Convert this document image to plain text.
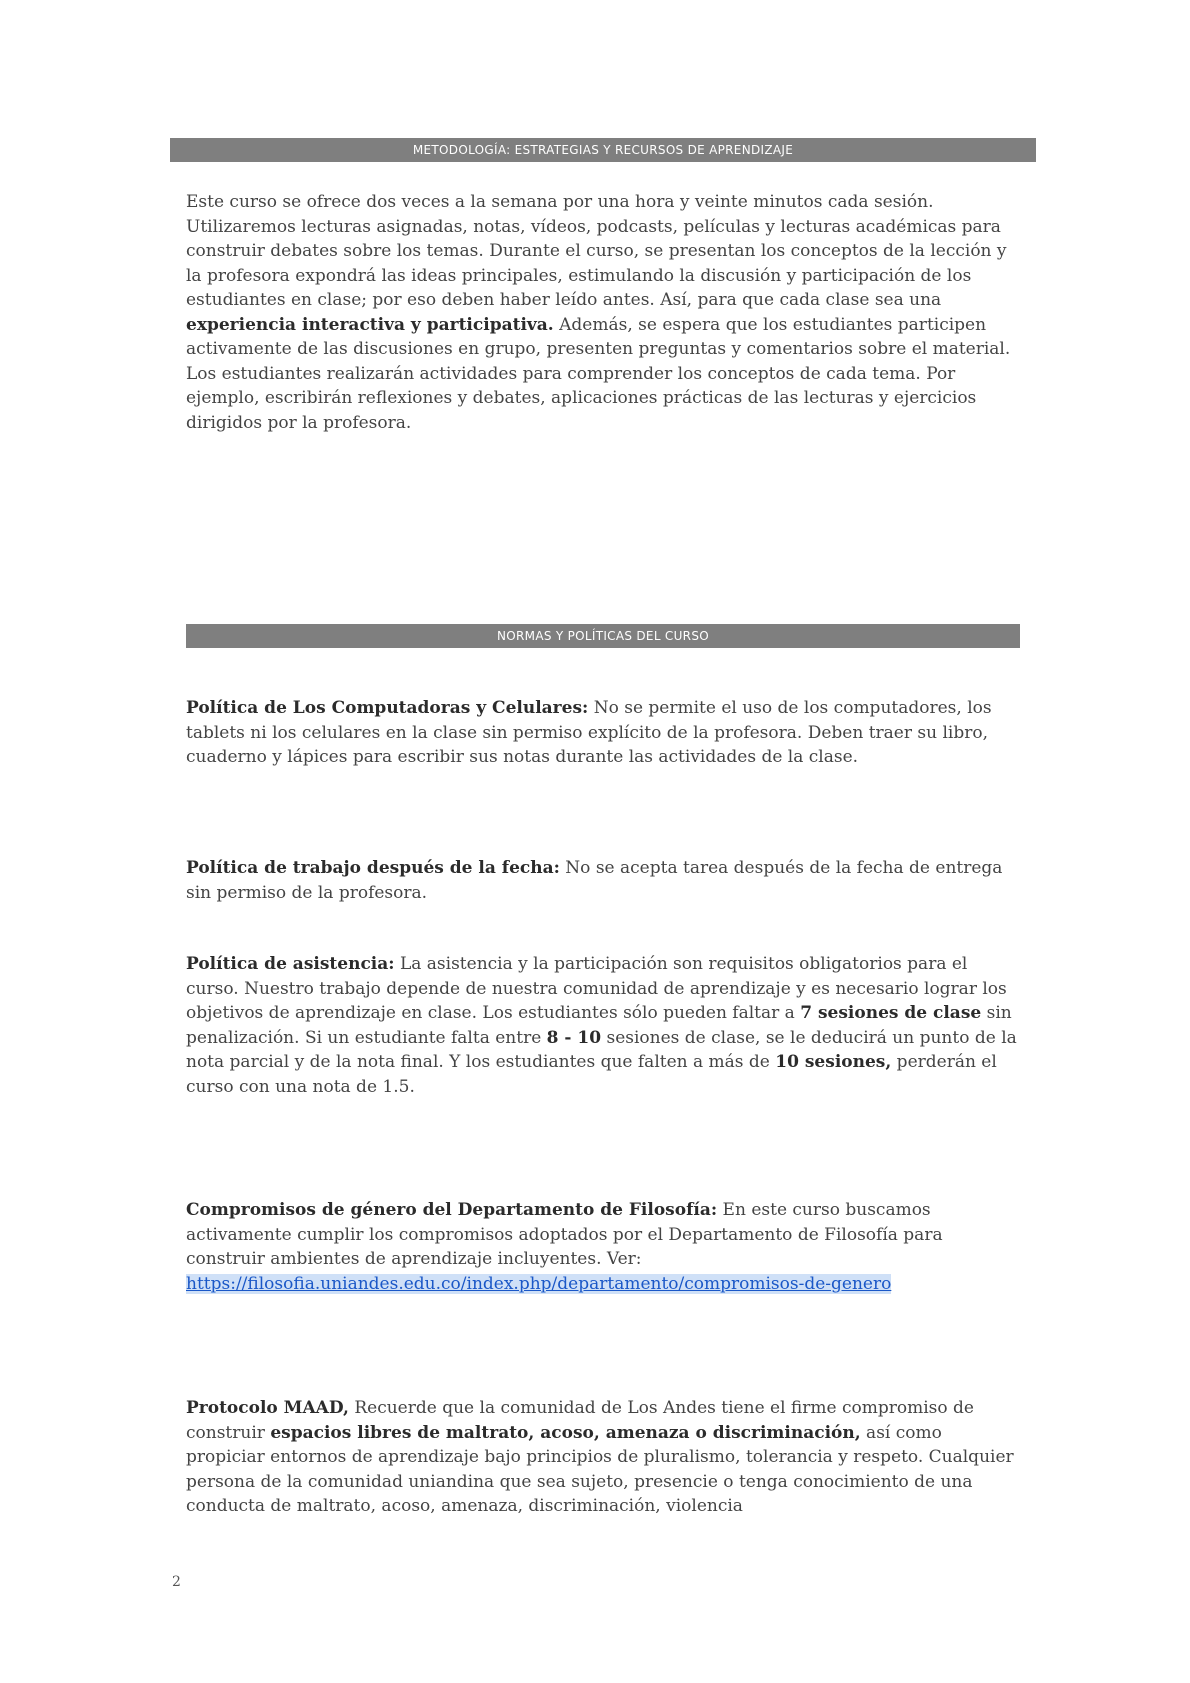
METODOLOGÍA: ESTRATEGIAS Y RECURSOS DE APRENDIZAJE

Este curso se ofrece dos veces a la semana por una hora y veinte minutos cada sesión. Utilizaremos lecturas asignadas, notas, vídeos, podcasts, películas y lecturas académicas para construir debates sobre los temas. Durante el curso, se presentan los conceptos de la lección y la profesora expondrá las ideas principales, estimulando la discusión y participación de los estudiantes en clase; por eso deben haber leído antes. Así, para que cada clase sea una experiencia interactiva y participativa. Además, se espera que los estudiantes participen activamente de las discusiones en grupo, presenten preguntas y comentarios sobre el material. Los estudiantes realizarán actividades para comprender los conceptos de cada tema. Por ejemplo, escribirán reflexiones y debates, aplicaciones prácticas de las lecturas y ejercicios dirigidos por la profesora.

NORMAS Y POLÍTICAS DEL CURSO

Política de Los Computadoras y Celulares: No se permite el uso de los computadores, los tablets ni los celulares en la clase sin permiso explícito de la profesora. Deben traer su libro, cuaderno y lápices para escribir sus notas durante las actividades de la clase.

Política de trabajo después de la fecha: No se acepta tarea después de la fecha de entrega sin permiso de la profesora.

Política de asistencia: La asistencia y la participación son requisitos obligatorios para el curso. Nuestro trabajo depende de nuestra comunidad de aprendizaje y es necesario lograr los objetivos de aprendizaje en clase. Los estudiantes sólo pueden faltar a 7 sesiones de clase sin penalización. Si un estudiante falta entre 8 - 10 sesiones de clase, se le deducirá un punto de la nota parcial y de la nota final. Y los estudiantes que falten a más de 10 sesiones, perderán el curso con una nota de 1.5.

Compromisos de género del Departamento de Filosofía: En este curso buscamos activamente cumplir los compromisos adoptados por el Departamento de Filosofía para construir ambientes de aprendizaje incluyentes. Ver:
https://filosofia.uniandes.edu.co/index.php/departamento/compromisos-de-genero

Protocolo MAAD, Recuerde que la comunidad de Los Andes tiene el firme compromiso de construir espacios libres de maltrato, acoso, amenaza o discriminación, así como propiciar entornos de aprendizaje bajo principios de pluralismo, tolerancia y respeto. Cualquier persona de la comunidad uniandina que sea sujeto, presencie o tenga conocimiento de una conducta de maltrato, acoso, amenaza, discriminación, violencia

2
